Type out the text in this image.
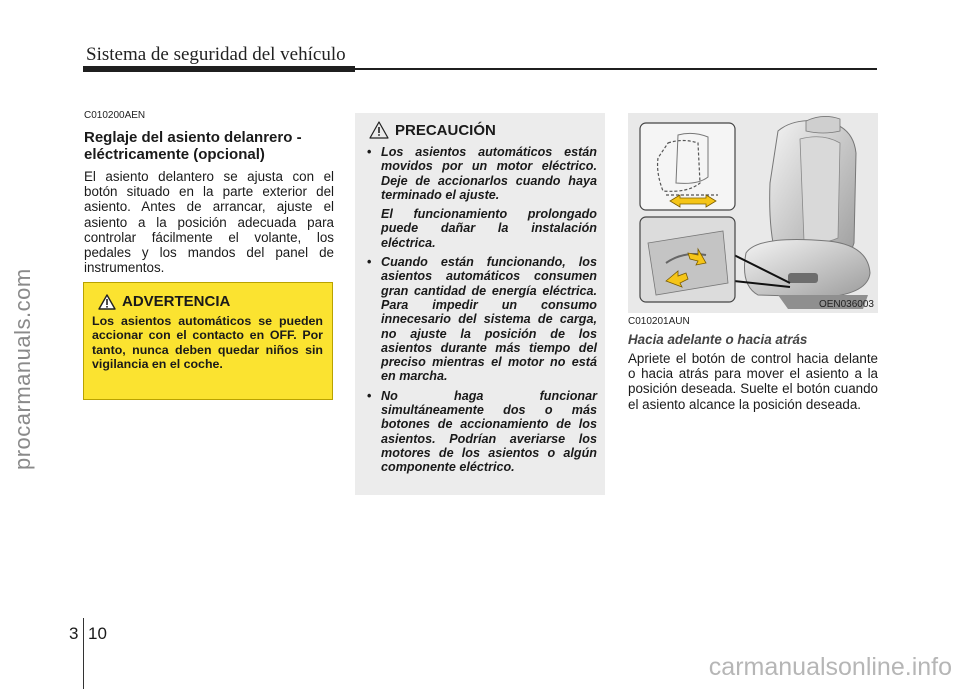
Sistema de seguridad del vehículo
procarmanuals.com

C010200AEN

Reglaje del asiento delanrero - eléctricamente (opcional)

El asiento delantero se ajusta con el botón situado en la parte exterior del asiento. Antes de arrancar, ajuste el asiento a la posición adecuada para controlar fácilmente el volante, los pedales y los mandos del panel de instrumentos.

ADVERTENCIA

Los asientos automáticos se pueden accionar con el contacto en OFF. Por tanto, nunca deben quedar niños sin vigilancia en el coche.

PRECAUCIÓN

• Los asientos automáticos están movidos por un motor eléctrico. Deje de accionarlos cuando haya terminado el ajuste.

El funcionamiento prolongado puede dañar la instalación eléctrica.

• Cuando están funcionando, los asientos automáticos consumen gran cantidad de energía eléctrica. Para impedir un consumo innecesario del sistema de carga, no ajuste la posición de los asientos durante más tiempo del preciso mientras el motor no está en marcha.

• No haga funcionar simultáneamente dos o más botones de accionamiento de los asientos. Podrían averiarse los motores de los asientos o algún componente eléctrico.

OEN036003

C010201AUN

Hacia adelante o hacia atrás

Apriete el botón de control hacia delante o hacia atrás para mover el asiento a la posición deseada. Suelte el botón cuando el asiento alcance la posición deseada.

3 10
carmanualsonline.info
